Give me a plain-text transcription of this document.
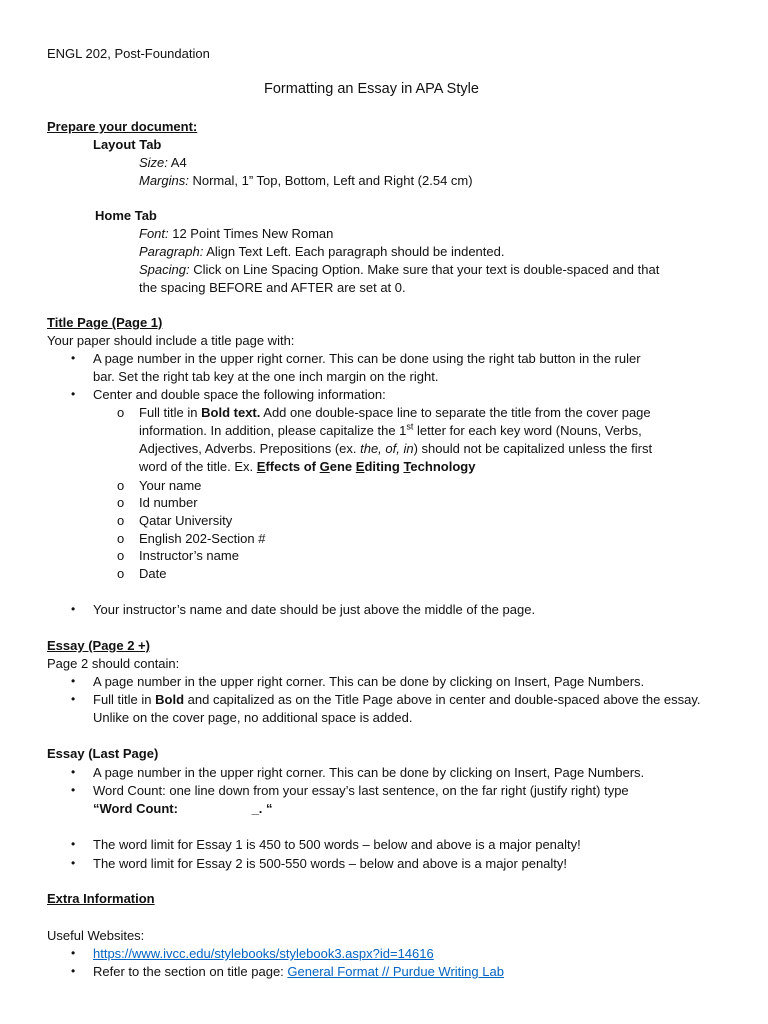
ENGL 202, Post-Foundation
Formatting an Essay in APA Style
Prepare your document:
Layout Tab
Size: A4
Margins: Normal, 1” Top, Bottom, Left and Right (2.54 cm)
Home Tab
Font: 12 Point Times New Roman
Paragraph: Align Text Left. Each paragraph should be indented.
Spacing: Click on Line Spacing Option. Make sure that your text is double-spaced and that
the spacing BEFORE and AFTER are set at 0.
Title Page (Page 1)
Your paper should include a title page with:
• A page number in the upper right corner. This can be done using the right tab button in the ruler
bar. Set the right tab key at the one inch margin on the right.
• Center and double space the following information:
o Full title in Bold text. Add one double-space line to separate the title from the cover page
information. In addition, please capitalize the 1st letter for each key word (Nouns, Verbs,
Adjectives, Adverbs. Prepositions (ex. the, of, in) should not be capitalized unless the first
word of the title. Ex. Effects of Gene Editing Technology
o Your name
o Id number
o Qatar University
o English 202-Section #
o Instructor’s name
o Date
• Your instructor’s name and date should be just above the middle of the page.
Essay (Page 2 +)
Page 2 should contain:
• A page number in the upper right corner. This can be done by clicking on Insert, Page Numbers.
• Full title in Bold and capitalized as on the Title Page above in center and double-spaced above the essay.
Unlike on the cover page, no additional space is added.
Essay (Last Page)
• A page number in the upper right corner. This can be done by clicking on Insert, Page Numbers.
• Word Count: one line down from your essay’s last sentence, on the far right (justify right) type
“Word Count:	_. “
• The word limit for Essay 1 is 450 to 500 words – below and above is a major penalty!
• The word limit for Essay 2 is 500-550 words – below and above is a major penalty!
Extra Information
Useful Websites:
• https://www.ivcc.edu/stylebooks/stylebook3.aspx?id=14616
• Refer to the section on title page: General Format // Purdue Writing Lab
